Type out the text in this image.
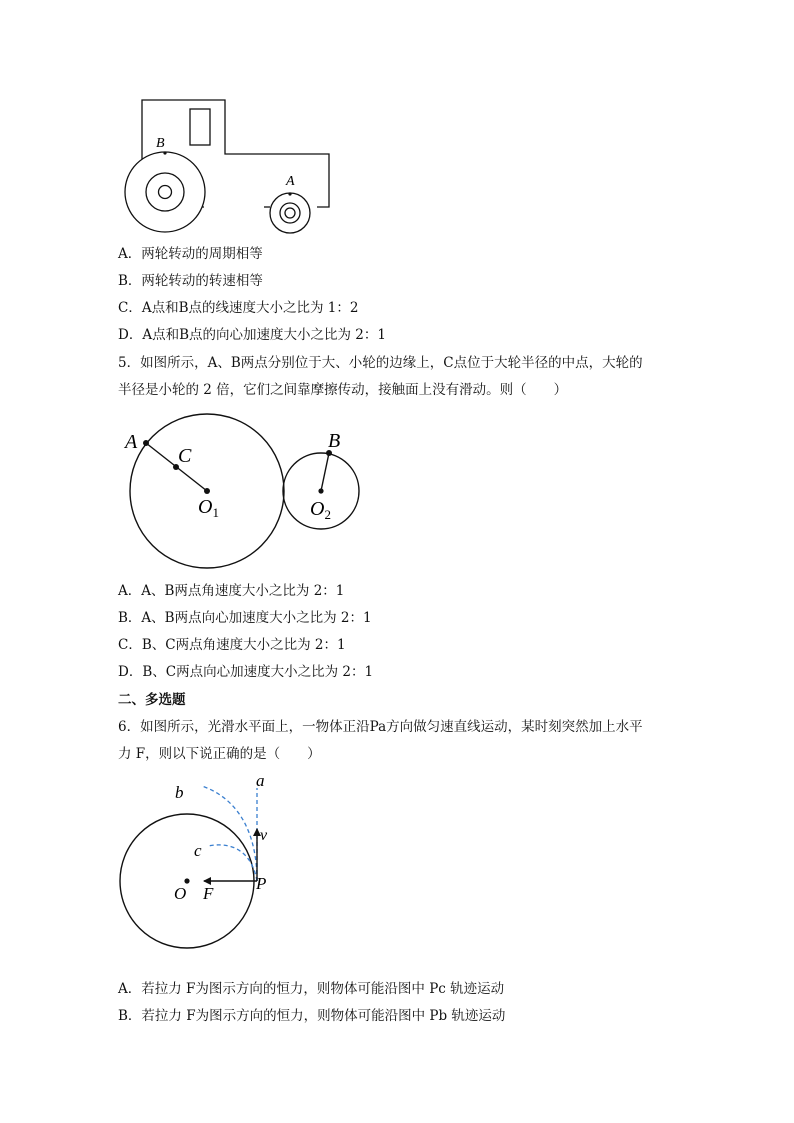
B
A
A．两轮转动的周期相等
B．两轮转动的转速相等
C．A点和B点的线速度大小之比为 1：2
D．A点和B点的向心加速度大小之比为 2：1
5．如图所示，A、B两点分别位于大、小轮的边缘上，C点位于大轮半径的中点，大轮的
半径是小轮的 2 倍，它们之间靠摩擦传动，接触面上没有滑动。则（　　）
A
C
$O_1$
B
$O_2$
A．A、B两点角速度大小之比为 2：1
B．A、B两点向心加速度大小之比为 2：1
C．B、C两点角速度大小之比为 2：1
D．B、C两点向心加速度大小之比为 2：1
二、多选题
6．如图所示，光滑水平面上，一物体正沿Pa方向做匀速直线运动，某时刻突然加上水平
力 F，则以下说正确的是（　　）
a
b
c
v
O F
P
A．若拉力 F为图示方向的恒力，则物体可能沿图中 Pc 轨迹运动
B．若拉力 F为图示方向的恒力，则物体可能沿图中 Pb 轨迹运动
